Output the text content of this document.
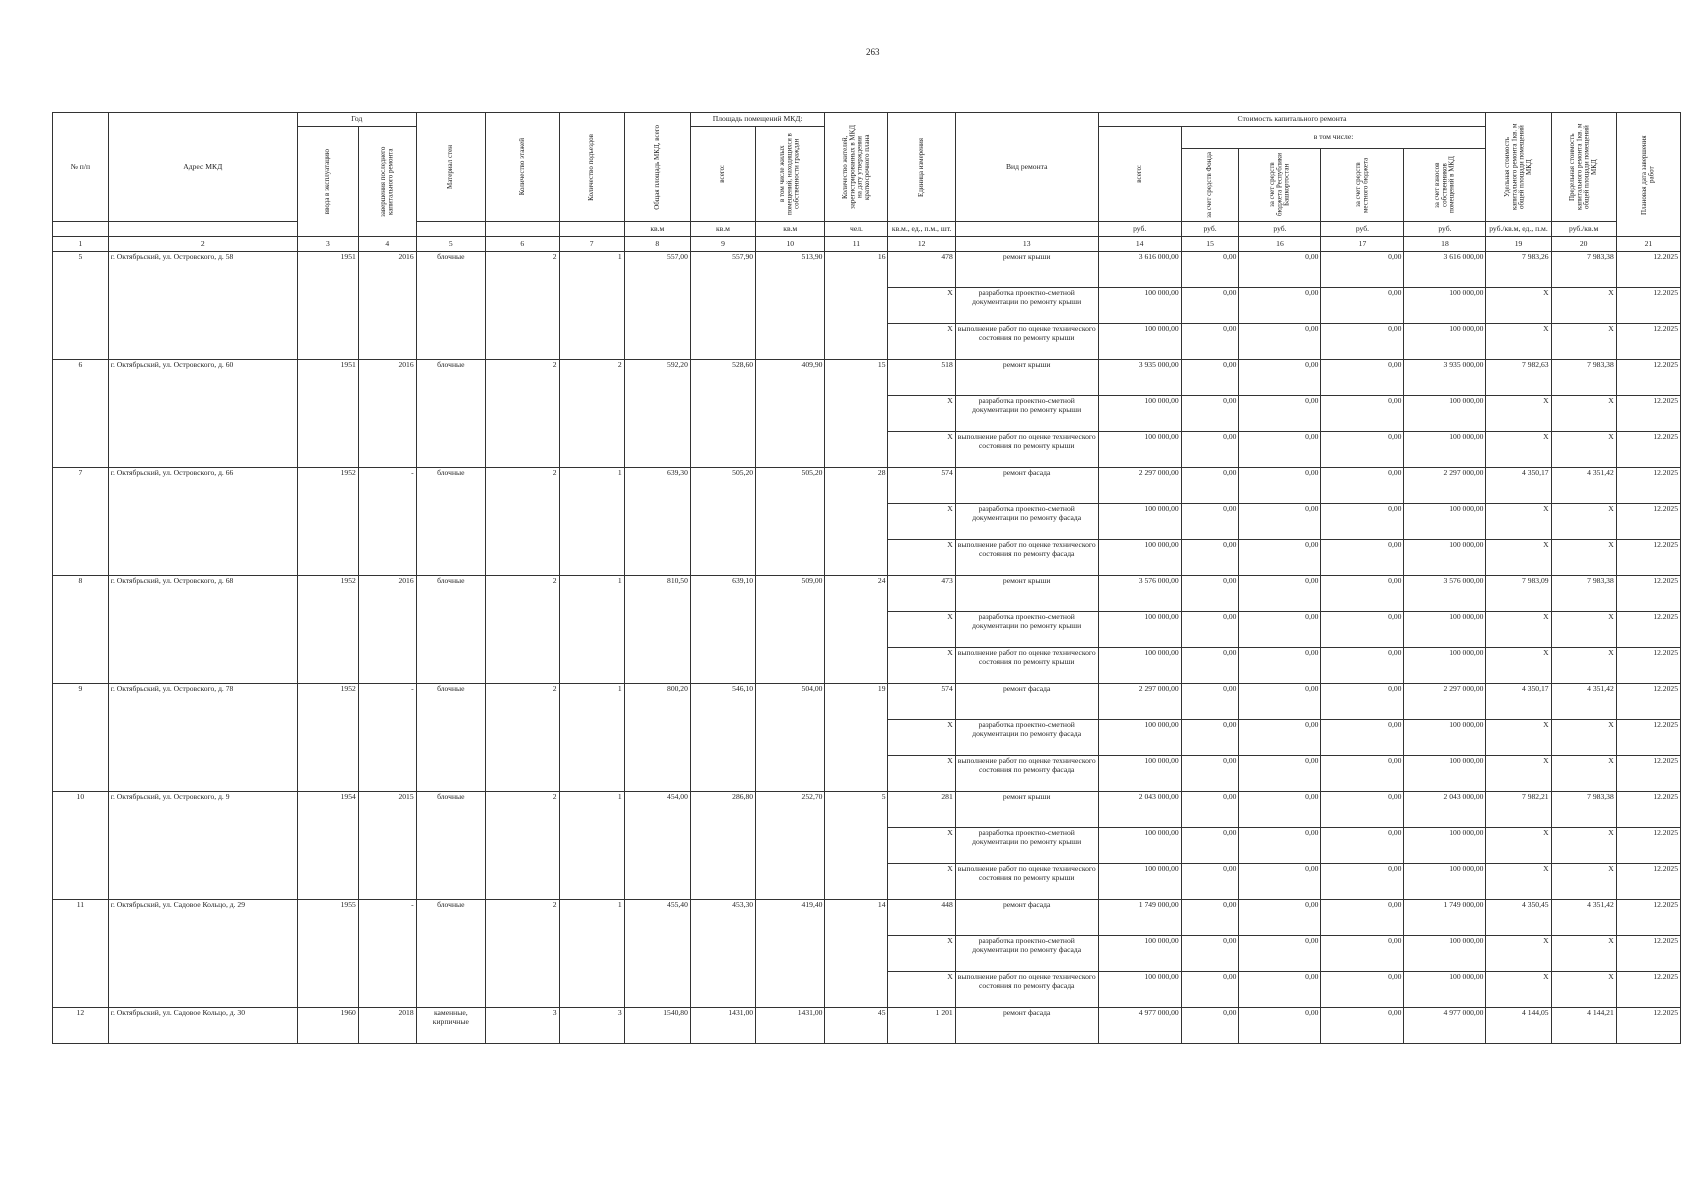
263
№ п/п	Адрес МКД	Год		Материал стен	Количество этажей	Количество подъездов	Общая площадь МКД, всего	Площадь помещений МКД:		Количество жителей, зарегистрированных в МКД на дату утверждения краткосрочного плана	Единица измерения	Вид ремонта	Стоимость капитального ремонта					Удельная стоимость капитального ремонта 1кв. м общей площади помещений МКД	Предельная стоимость капитального ремонта 1кв. м общей площади помещений МКД	Плановая дата завершения работ

		ввода в эксплуатацию	завершения последнего капитального ремонта					всего:	в том числе жилых помещений, находящихся в собственности граждан				всего:	в том числе:						

														за счет средств Фонда	за счет средств бюджета Республики Башкортостан	за счет средств местного бюджета	за счет взносов собственников помещений в МКД			

							кв.м	кв.м	кв.м	чел.	кв.м., ед., п.м., шт.		руб.	руб.	руб.	руб.	руб.	руб./кв.м, ед., п.м.	руб./кв.м	
1	2	3	4	5	6	7	8	9	10	11	12	13	14	15	16	17	18	19	20	21
5	г. Октябрьский, ул. Островского, д. 58	1951	2016	блочные	2	1	557,00	557,90	513,90	16	478	ремонт крыши	3 616 000,00	0,00	0,00	0,00	3 616 000,00	7 983,26	7 983,38	12.2025
											X	разработка проектно-сметной документации по ремонту крыши	100 000,00	0,00	0,00	0,00	100 000,00	X	X	12.2025
											X	выполнение работ по оценке технического состояния по ремонту крыши	100 000,00	0,00	0,00	0,00	100 000,00	X	X	12.2025
6	г. Октябрьский, ул. Островского, д. 60	1951	2016	блочные	2	2	592,20	528,60	409,90	15	518	ремонт крыши	3 935 000,00	0,00	0,00	0,00	3 935 000,00	7 982,63	7 983,38	12.2025
											X	разработка проектно-сметной документации по ремонту крыши	100 000,00	0,00	0,00	0,00	100 000,00	X	X	12.2025
											X	выполнение работ по оценке технического состояния по ремонту крыши	100 000,00	0,00	0,00	0,00	100 000,00	X	X	12.2025
7	г. Октябрьский, ул. Островского, д. 66	1952	-	блочные	2	1	639,30	505,20	505,20	28	574	ремонт фасада	2 297 000,00	0,00	0,00	0,00	2 297 000,00	4 350,17	4 351,42	12.2025
											X	разработка проектно-сметной документации по ремонту фасада	100 000,00	0,00	0,00	0,00	100 000,00	X	X	12.2025
											X	выполнение работ по оценке технического состояния по ремонту фасада	100 000,00	0,00	0,00	0,00	100 000,00	X	X	12.2025
8	г. Октябрьский, ул. Островского, д. 68	1952	2016	блочные	2	1	810,50	639,10	509,00	24	473	ремонт крыши	3 576 000,00	0,00	0,00	0,00	3 576 000,00	7 983,09	7 983,38	12.2025
											X	разработка проектно-сметной документации по ремонту крыши	100 000,00	0,00	0,00	0,00	100 000,00	X	X	12.2025
											X	выполнение работ по оценке технического состояния по ремонту крыши	100 000,00	0,00	0,00	0,00	100 000,00	X	X	12.2025
9	г. Октябрьский, ул. Островского, д. 78	1952	-	блочные	2	1	800,20	546,10	504,00	19	574	ремонт фасада	2 297 000,00	0,00	0,00	0,00	2 297 000,00	4 350,17	4 351,42	12.2025
											X	разработка проектно-сметной документации по ремонту фасада	100 000,00	0,00	0,00	0,00	100 000,00	X	X	12.2025
											X	выполнение работ по оценке технического состояния по ремонту фасада	100 000,00	0,00	0,00	0,00	100 000,00	X	X	12.2025
10	г. Октябрьский, ул. Островского, д. 9	1954	2015	блочные	2	1	454,00	286,80	252,70	5	281	ремонт крыши	2 043 000,00	0,00	0,00	0,00	2 043 000,00	7 982,21	7 983,38	12.2025
											X	разработка проектно-сметной документации по ремонту крыши	100 000,00	0,00	0,00	0,00	100 000,00	X	X	12.2025
											X	выполнение работ по оценке технического состояния по ремонту крыши	100 000,00	0,00	0,00	0,00	100 000,00	X	X	12.2025
11	г. Октябрьский, ул. Садовое Кольцо, д. 29	1955	-	блочные	2	1	455,40	453,30	419,40	14	448	ремонт фасада	1 749 000,00	0,00	0,00	0,00	1 749 000,00	4 350,45	4 351,42	12.2025
											X	разработка проектно-сметной документации по ремонту фасада	100 000,00	0,00	0,00	0,00	100 000,00	X	X	12.2025
											X	выполнение работ по оценке технического состояния по ремонту фасада	100 000,00	0,00	0,00	0,00	100 000,00	X	X	12.2025
12	г. Октябрьский, ул. Садовое Кольцо, д. 30	1960	2018	каменные, кирпичные	3	3	1540,80	1431,00	1431,00	45	1 201	ремонт фасада	4 977 000,00	0,00	0,00	0,00	4 977 000,00	4 144,05	4 144,21	12.2025
